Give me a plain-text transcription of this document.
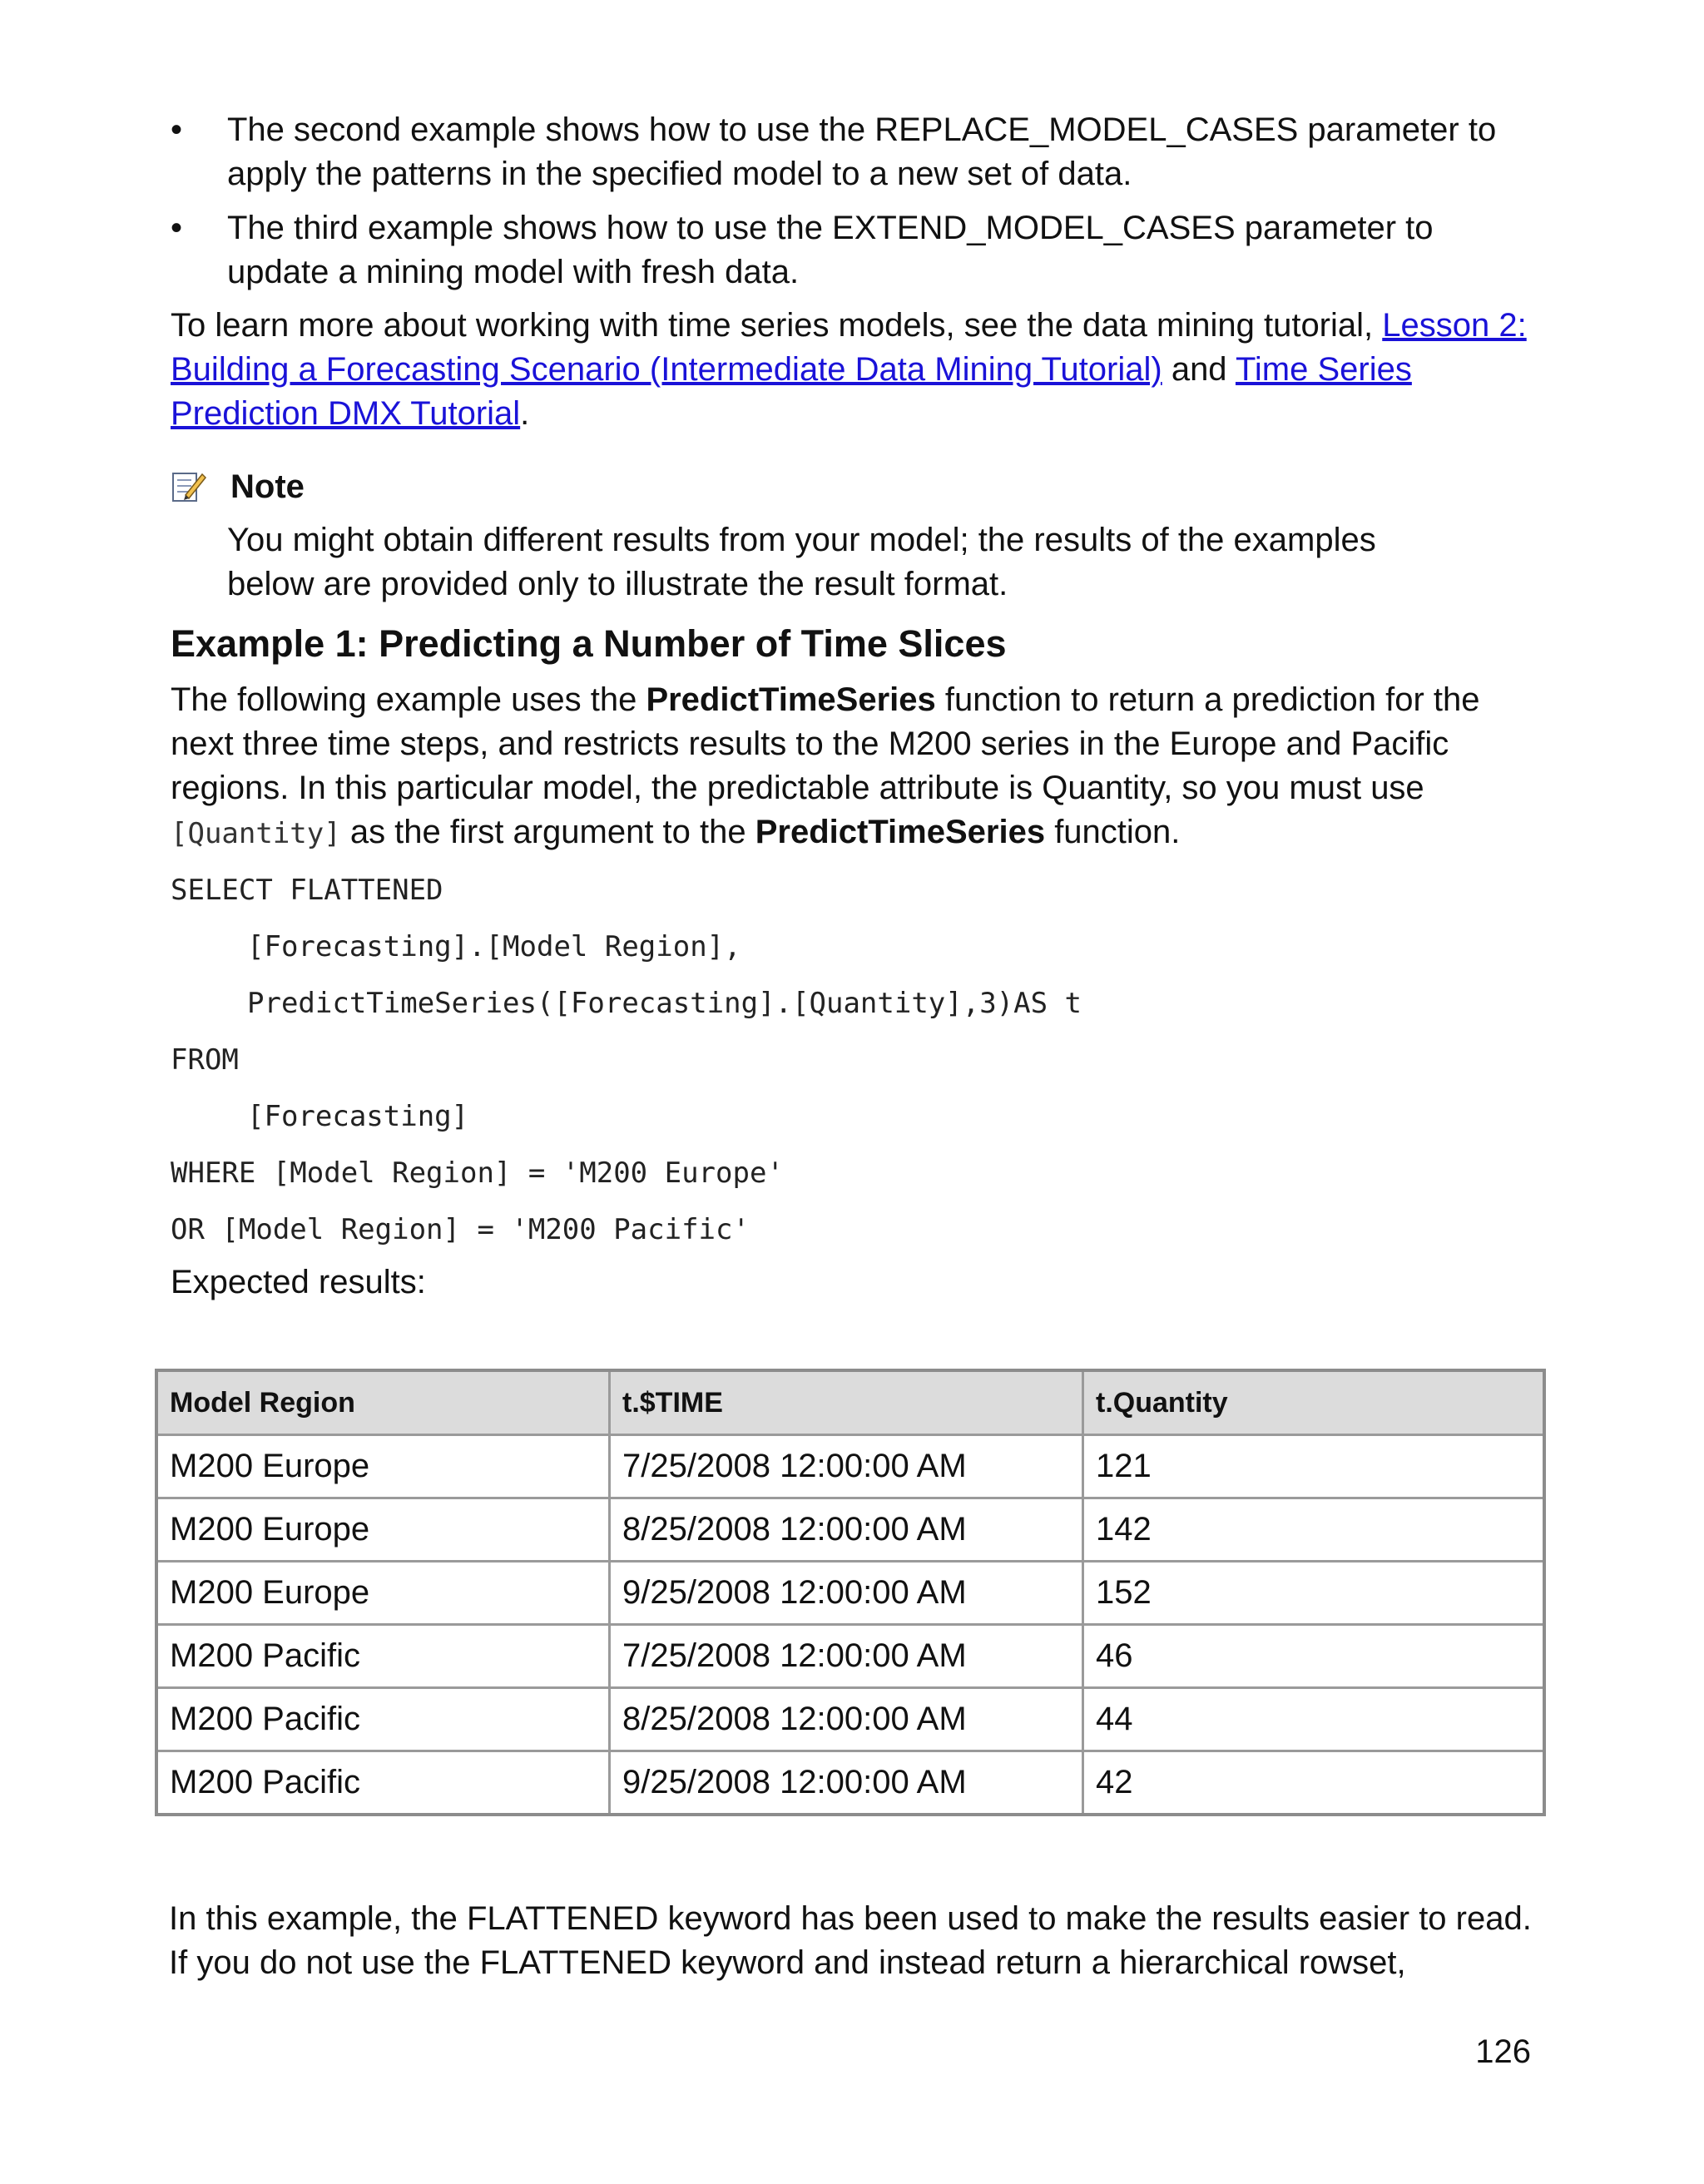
• The second example shows how to use the REPLACE_MODEL_CASES parameter to apply the patterns in the specified model to a new set of data.
• The third example shows how to use the EXTEND_MODEL_CASES parameter to update a mining model with fresh data.

To learn more about working with time series models, see the data mining tutorial, Lesson 2: Building a Forecasting Scenario (Intermediate Data Mining Tutorial) and Time Series Prediction DMX Tutorial.

Note
You might obtain different results from your model; the results of the examples below are provided only to illustrate the result format.
Example 1: Predicting a Number of Time Slices

The following example uses the PredictTimeSeries function to return a prediction for the next three time steps, and restricts results to the M200 series in the Europe and Pacific regions. In this particular model, the predictable attribute is Quantity, so you must use [Quantity] as the first argument to the PredictTimeSeries function.

SELECT FLATTENED
[Forecasting].[Model Region],
PredictTimeSeries([Forecasting].[Quantity],3)AS t
FROM
[Forecasting]
WHERE [Model Region] = 'M200 Europe'
OR [Model Region] = 'M200 Pacific'

Expected results:

Model Region	t.$TIME	t.Quantity
M200 Europe	7/25/2008 12:00:00 AM	121
M200 Europe	8/25/2008 12:00:00 AM	142
M200 Europe	9/25/2008 12:00:00 AM	152
M200 Pacific	7/25/2008 12:00:00 AM	46
M200 Pacific	8/25/2008 12:00:00 AM	44
M200 Pacific	9/25/2008 12:00:00 AM	42

In this example, the FLATTENED keyword has been used to make the results easier to read. If you do not use the FLATTENED keyword and instead return a hierarchical rowset,

126
